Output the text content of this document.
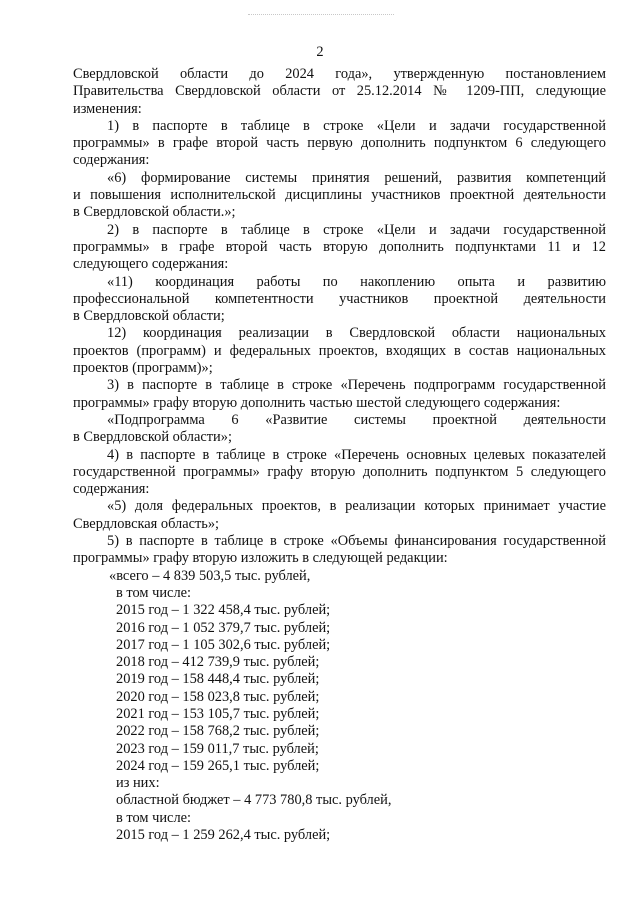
2

Свердловской области до 2024 года», утвержденную постановлением

Правительства Свердловской области от 25.12.2014 № 1209-ПП, следующие

изменения:

1) в паспорте в таблице в строке «Цели и задачи государственной

программы» в графе второй часть первую дополнить подпунктом 6 следующего

содержания:

«6) формирование системы принятия решений, развития компетенций

и повышения исполнительской дисциплины участников проектной деятельности

в Свердловской области.»;

2) в паспорте в таблице в строке «Цели и задачи государственной

программы» в графе второй часть вторую дополнить подпунктами 11 и 12

следующего содержания:

«11) координация работы по накоплению опыта и развитию

профессиональной компетентности участников проектной деятельности

в Свердловской области;

12) координация реализации в Свердловской области национальных

проектов (программ) и федеральных проектов, входящих в состав национальных

проектов (программ)»;

3) в паспорте в таблице в строке «Перечень подпрограмм государственной

программы» графу вторую дополнить частью шестой следующего содержания:

«Подпрограмма 6 «Развитие системы проектной деятельности

в Свердловской области»;

4) в паспорте в таблице в строке «Перечень основных целевых показателей

государственной программы» графу вторую дополнить подпунктом 5 следующего

содержания:

«5) доля федеральных проектов, в реализации которых принимает участие

Свердловская область»;

5) в паспорте в таблице в строке «Объемы финансирования государственной

программы» графу вторую изложить в следующей редакции:

«всего – 4 839 503,5 тыс. рублей,

в том числе:

2015 год – 1 322 458,4 тыс. рублей;

2016 год – 1 052 379,7 тыс. рублей;

2017 год – 1 105 302,6 тыс. рублей;

2018 год – 412 739,9 тыс. рублей;

2019 год – 158 448,4 тыс. рублей;

2020 год – 158 023,8 тыс. рублей;

2021 год – 153 105,7 тыс. рублей;

2022 год – 158 768,2 тыс. рублей;

2023 год – 159 011,7 тыс. рублей;

2024 год – 159 265,1 тыс. рублей;

из них:

областной бюджет – 4 773 780,8 тыс. рублей,

в том числе:

2015 год – 1 259 262,4 тыс. рублей;
